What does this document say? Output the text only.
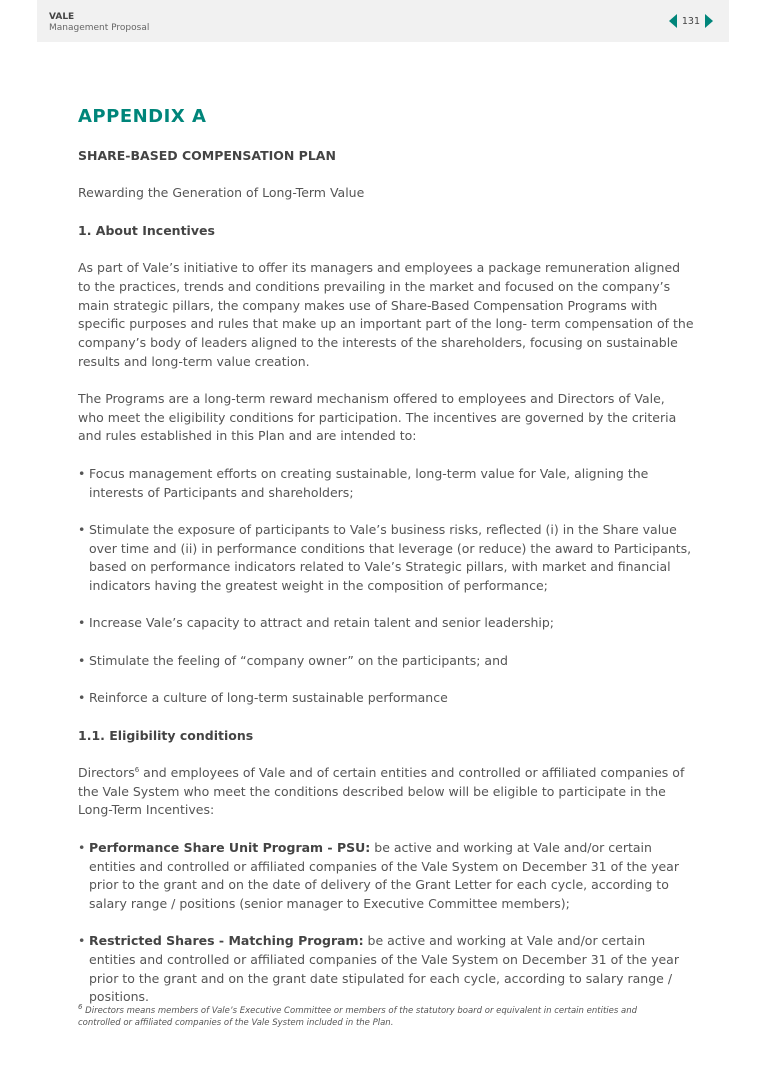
VALE
Management Proposal
131
APPENDIX A

SHARE-BASED COMPENSATION PLAN

Rewarding the Generation of Long-Term Value

1. About Incentives

As part of Vale’s initiative to offer its managers and employees a package remuneration aligned to the practices, trends and conditions prevailing in the market and focused on the company’s main strategic pillars, the company makes use of Share-Based Compensation Programs with specific purposes and rules that make up an important part of the long- term compensation of the company’s body of leaders aligned to the interests of the shareholders, focusing on sustainable results and long-term value creation.

The Programs are a long-term reward mechanism offered to employees and Directors of Vale, who meet the eligibility conditions for participation. The incentives are governed by the criteria and rules established in this Plan and are intended to:

• Focus management efforts on creating sustainable, long-term value for Vale, aligning the interests of Participants and shareholders;

• Stimulate the exposure of participants to Vale’s business risks, reflected (i) in the Share value over time and (ii) in performance conditions that leverage (or reduce) the award to Participants, based on performance indicators related to Vale’s Strategic pillars, with market and financial indicators having the greatest weight in the composition of performance;

• Increase Vale’s capacity to attract and retain talent and senior leadership;

• Stimulate the feeling of “company owner” on the participants; and

• Reinforce a culture of long-term sustainable performance

1.1. Eligibility conditions

Directors$^6$ and employees of Vale and of certain entities and controlled or affiliated companies of the Vale System who meet the conditions described below will be eligible to participate in the Long-Term Incentives:

• Performance Share Unit Program - PSU: be active and working at Vale and/or certain entities and controlled or affiliated companies of the Vale System on December 31 of the year prior to the grant and on the date of delivery of the Grant Letter for each cycle, according to salary range / positions (senior manager to Executive Committee members);

• Restricted Shares - Matching Program: be active and working at Vale and/or certain entities and controlled or affiliated companies of the Vale System on December 31 of the year prior to the grant and on the grant date stipulated for each cycle, according to salary range / positions.

$^6$ Directors means members of Vale’s Executive Committee or members of the statutory board or equivalent in certain entities and controlled or affiliated companies of the Vale System included in the Plan.
